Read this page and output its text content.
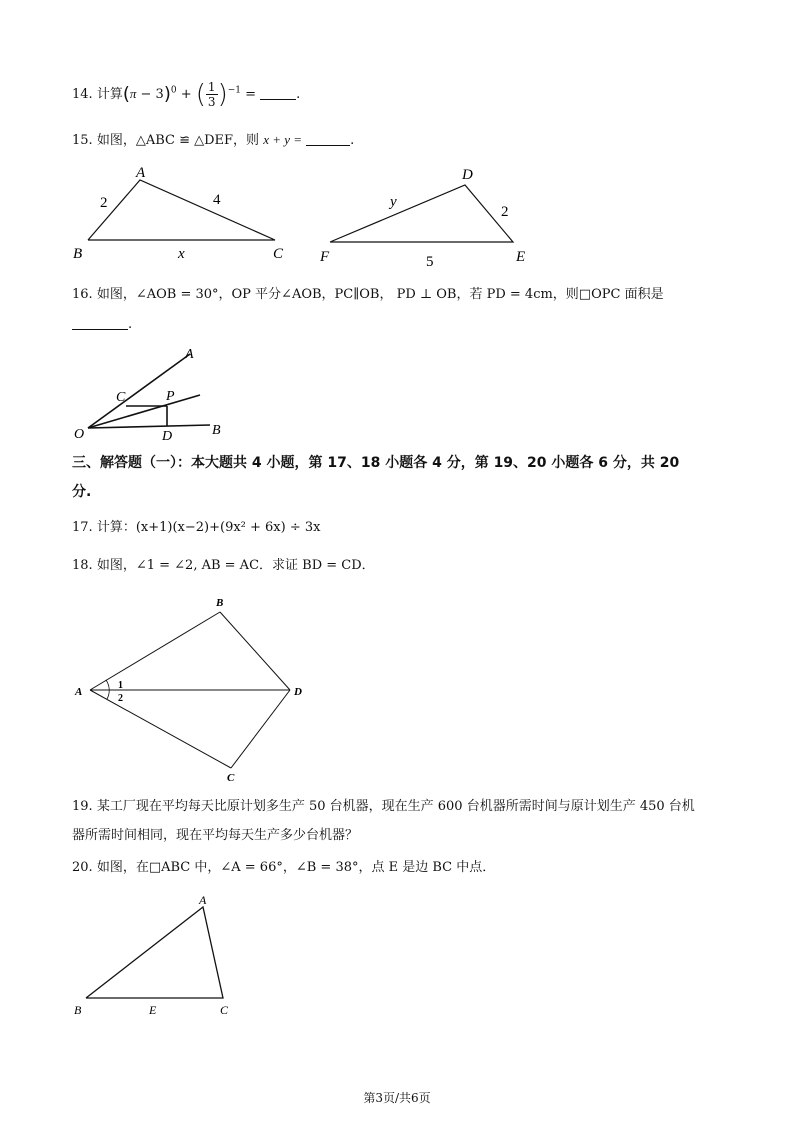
14. 计算$(\pi - 3)^0$ + ( $\frac{1}{3} )^{-1}$ =	.
15. 如图，△ABC ≌ △DEF，则 x + y =	.
A
B	C
2	4
x
D
E
F
y
2
5
16. 如图，∠AOB = 30°，OP 平分∠AOB，PC∥OB， PD ⊥ OB，若 PD = 4cm，则□OPC 面积是
.
A
C	P
O	D	B
三、解答题（一）：本大题共 4 小题，第 17、18 小题各 4 分，第 19、20 小题各 6 分，共 20
分.
17. 计算：(x+1)(x−2)+(9x² + 6x) ÷ 3x
18. 如图，∠1 = ∠2, AB = AC．求证 BD = CD．
B
A	D
C
1
2
19. 某工厂现在平均每天比原计划多生产 50 台机器，现在生产 600 台机器所需时间与原计划生产 450 台机
器所需时间相同，现在平均每天生产多少台机器？
20. 如图，在□ABC 中，∠A = 66°，∠B = 38°，点 E 是边 BC 中点．
A
B	E	C
第3页/共6页
